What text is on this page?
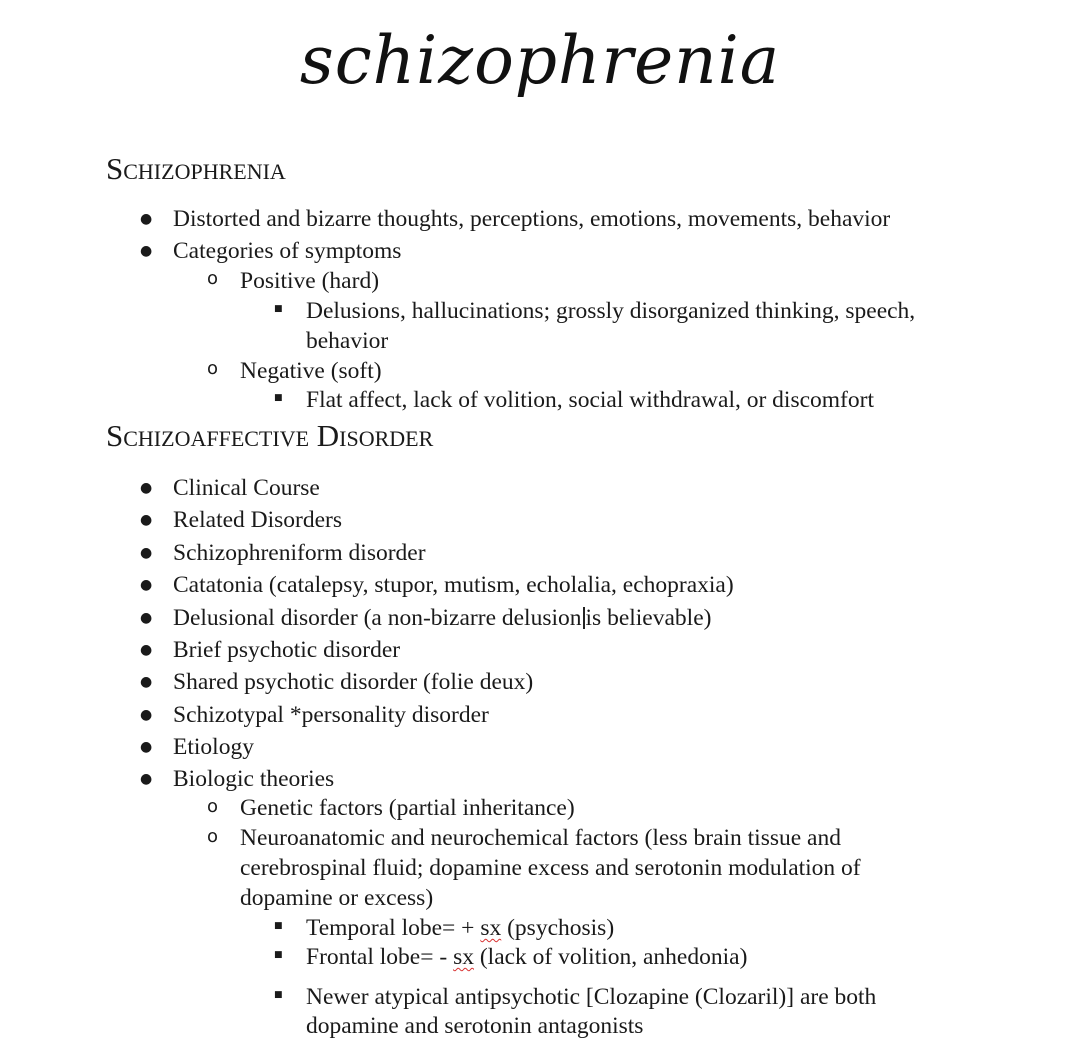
schizophrenia
Schizophrenia
● Distorted and bizarre thoughts, perceptions, emotions, movements, behavior
● Categories of symptoms
o Positive (hard)
■ Delusions, hallucinations; grossly disorganized thinking, speech,
behavior
o Negative (soft)
■ Flat affect, lack of volition, social withdrawal, or discomfort
Schizoaffective Disorder
● Clinical Course
● Related Disorders
● Schizophreniform disorder
● Catatonia (catalepsy, stupor, mutism, echolalia, echopraxia)
● Delusional disorder (a non-bizarre delusion is believable)
● Brief psychotic disorder
● Shared psychotic disorder (folie deux)
● Schizotypal *personality disorder
● Etiology
● Biologic theories
o Genetic factors (partial inheritance)
o Neuroanatomic and neurochemical factors (less brain tissue and
cerebrospinal fluid; dopamine excess and serotonin modulation of
dopamine or excess)
■ Temporal lobe= + sx (psychosis)
■ Frontal lobe= - sx (lack of volition, anhedonia)
■ Newer atypical antipsychotic [Clozapine (Clozaril)] are both
dopamine and serotonin antagonists
